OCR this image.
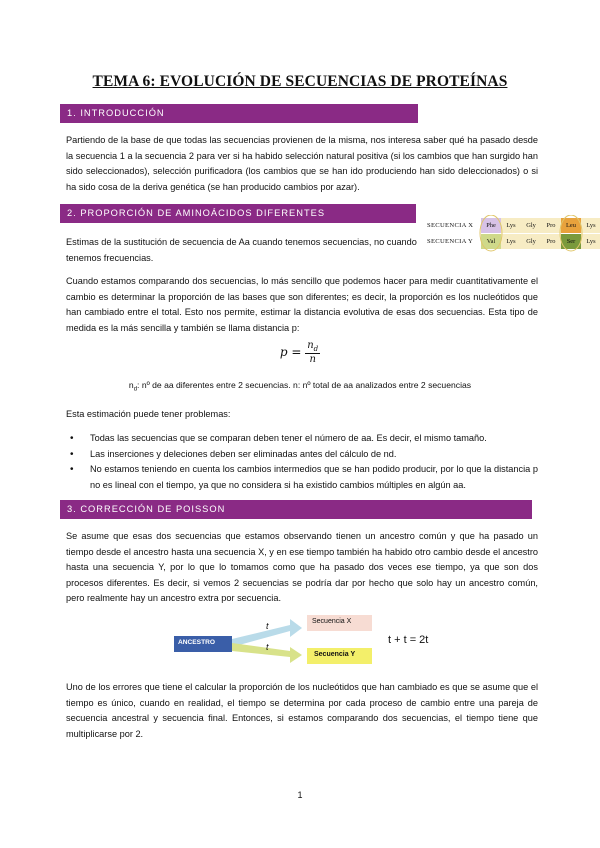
TEMA 6: EVOLUCIÓN DE SECUENCIAS DE PROTEÍNAS
1. INTRODUCCIÓN

Partiendo de la base de que todas las secuencias provienen de la misma, nos interesa saber qué ha pasado desde la secuencia 1 a la secuencia 2 para ver si ha habido selección natural positiva (si los cambios que han surgido han sido seleccionados), selección purificadora (los cambios que se han ido produciendo han sido deleccionados) o si ha sido cosa de la deriva genética (se han producido cambios por azar).

2. PROPORCIÓN DE AMINOÁCIDOS DIFERENTES

Estimas de la sustitución de secuencia de Aa cuando tenemos secuencias, no cuando tenemos frecuencias.

SECUENCIA X	Phe	Lys	Gly	Pro	Leu	Lys
SECUENCIA Y	Val	Lys	Gly	Pro	Ser	Lys

Cuando estamos comparando dos secuencias, lo más sencillo que podemos hacer para medir cuantitativamente el cambio es determinar la proporción de las bases que son diferentes; es decir, la proporción es los nucleótidos que han cambiado entre el total. Esto nos permite, estimar la distancia evolutiva de esas dos secuencias. Esta tipo de medida es la más sencilla y también se llama distancia p:

$p = \frac{n_d}{n}$
$n_d$: nº de aa diferentes entre 2 secuencias. n: nº total de aa analizados entre 2 secuencias

Esta estimación puede tener problemas:

• Todas las secuencias que se comparan deben tener el número de aa. Es decir, el mismo tamaño.
• Las inserciones y deleciones deben ser eliminadas antes del cálculo de nd.
• No estamos teniendo en cuenta los cambios intermedios que se han podido producir, por lo que la distancia p no es lineal con el tiempo, ya que no considera si ha existido cambios múltiples en algún aa.
3. CORRECCIÓN DE POISSON

Se asume que esas dos secuencias que estamos observando tienen un ancestro común y que ha pasado un tiempo desde el ancestro hasta una secuencia X, y en ese tiempo también ha habido otro cambio desde el ancestro hasta una secuencia Y, por lo que lo tomamos como que ha pasado dos veces ese tiempo, ya que son dos procesos diferentes. Es decir, si vemos 2 secuencias se podría dar por hecho que solo hay un ancestro común, pero realmente hay un ancestro extra por secuencia.

ANCESTRO
t
t
Secuencia X
Secuencia Y
t + t = 2t

Uno de los errores que tiene el calcular la proporción de los nucleótidos que han cambiado es que se asume que el tiempo es único, cuando en realidad, el tiempo se determina por cada proceso de cambio entre una pareja de secuencia ancestral y secuencia final. Entonces, si estamos comparando dos secuencias, el tiempo tiene que multiplicarse por 2.

1
